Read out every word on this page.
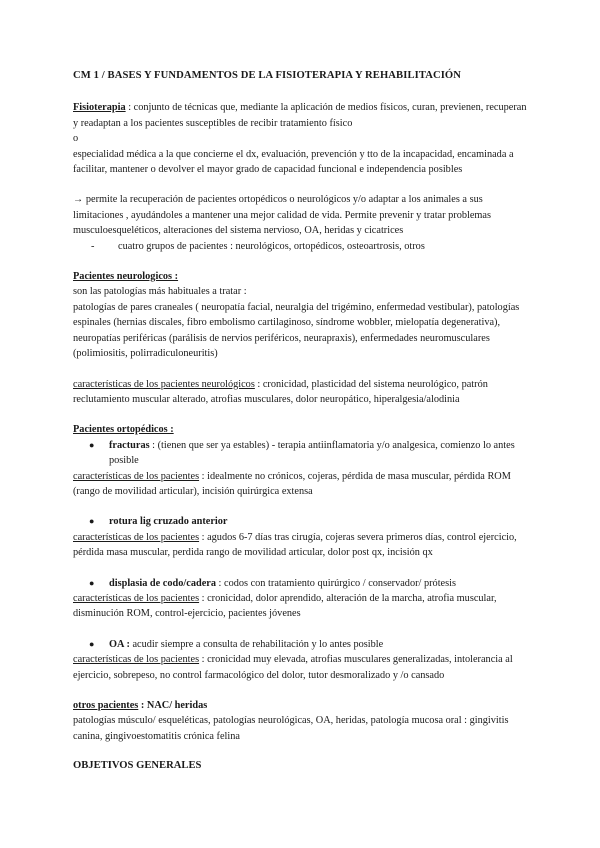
CM 1 / BASES Y FUNDAMENTOS DE LA FISIOTERAPIA Y REHABILITACIÓN

Fisioterapia : conjunto de técnicas que, mediante la aplicación de medios físicos, curan, previenen, recuperan y readaptan a los pacientes susceptibles de recibir tratamiento físico

o

especialidad médica a la que concierne el dx, evaluación, prevención y tto de la incapacidad, encaminada a facilitar, mantener o devolver el mayor grado de capacidad funcional e independencia posibles

→ permite la recuperación de pacientes ortopédicos o neurológicos y/o adaptar a los animales a sus limitaciones , ayudándoles a mantener una mejor calidad de vida. Permite prevenir y tratar problemas musculoesqueléticos, alteraciones del sistema nervioso, OA, heridas y cicatrices

- cuatro grupos de pacientes : neurológicos, ortopédicos, osteoartrosis, otros

Pacientes neurologicos :

son las patologías más habituales a tratar :

patologías de pares craneales ( neuropatía facial, neuralgia del trigémino, enfermedad vestibular), patologías espinales (hernias discales, fibro embolismo cartilaginoso, síndrome wobbler, mielopatía degenerativa), neuropatías periféricas (parálisis de nervios periféricos, neurapraxis), enfermedades neuromusculares (polimiositis, polirradiculoneuritis)

características de los pacientes neurológicos : cronicidad, plasticidad del sistema neurológico, patrón reclutamiento muscular alterado, atrofias musculares, dolor neuropático, hiperalgesia/alodinia

Pacientes ortopédicos :

● fracturas : (tienen que ser ya estables) - terapia antiinflamatoria y/o analgesica, comienzo lo antes posible

características de los pacientes : idealmente no crónicos, cojeras, pérdida de masa muscular, pérdida ROM (rango de movilidad articular), incisión quirúrgica extensa

● rotura lig cruzado anterior

características de los pacientes : agudos 6-7 días tras cirugía, cojeras severa primeros días, control ejercicio, pérdida masa muscular, perdida rango de movilidad articular, dolor post qx, incisión qx

● displasia de codo/cadera : codos con tratamiento quirúrgico / conservador/ prótesis

características de los pacientes : cronicidad, dolor aprendido, alteración de la marcha, atrofia muscular, disminución ROM, control-ejercicio, pacientes jóvenes

● OA : acudir siempre a consulta de rehabilitación y lo antes posible

características de los pacientes : cronicidad muy elevada, atrofias musculares generalizadas, intolerancia al ejercicio, sobrepeso, no control farmacológico del dolor, tutor desmoralizado y /o cansado

otros pacientes : NAC/ heridas

patologías músculo/ esqueléticas, patologías neurológicas, OA, heridas, patología mucosa oral : gingivitis canina, gingivoestomatitis crónica felina

OBJETIVOS GENERALES
